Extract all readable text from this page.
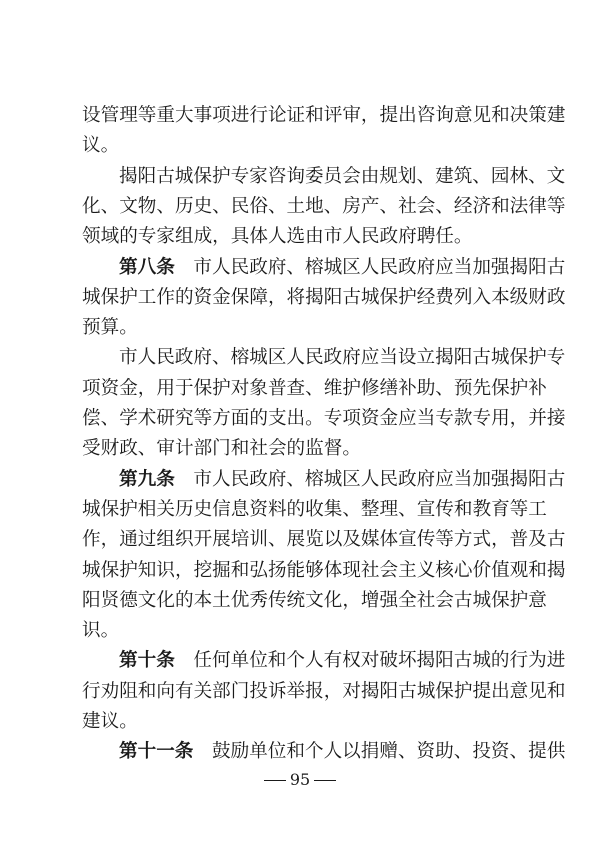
设管理等重大事项进行论证和评审，提出咨询意见和决策建
议。
揭阳古城保护专家咨询委员会由规划、建筑、园林、文
化、文物、历史、民俗、土地、房产、社会、经济和法律等
领域的专家组成，具体人选由市人民政府聘任。
第八条　 市人民政府、榕城区人民政府应当加强揭阳古
城保护工作的资金保障，将揭阳古城保护经费列入本级财政
预算。
市人民政府、榕城区人民政府应当设立揭阳古城保护专
项资金，用于保护对象普查、维护修缮补助、预先保护补
偿、学术研究等方面的支出。专项资金应当专款专用，并接
受财政、审计部门和社会的监督。
第九条　 市人民政府、榕城区人民政府应当加强揭阳古
城保护相关历史信息资料的收集、整理、宣传和教育等工
作，通过组织开展培训、展览以及媒体宣传等方式，普及古
城保护知识，挖掘和弘扬能够体现社会主义核心价值观和揭
阳贤德文化的本土优秀传统文化，增强全社会古城保护意
识。
第十条　 任何单位和个人有权对破坏揭阳古城的行为进
行劝阻和向有关部门投诉举报，对揭阳古城保护提出意见和
建议。
第十一条　 鼓励单位和个人以捐赠、资助、投资、提供
95
